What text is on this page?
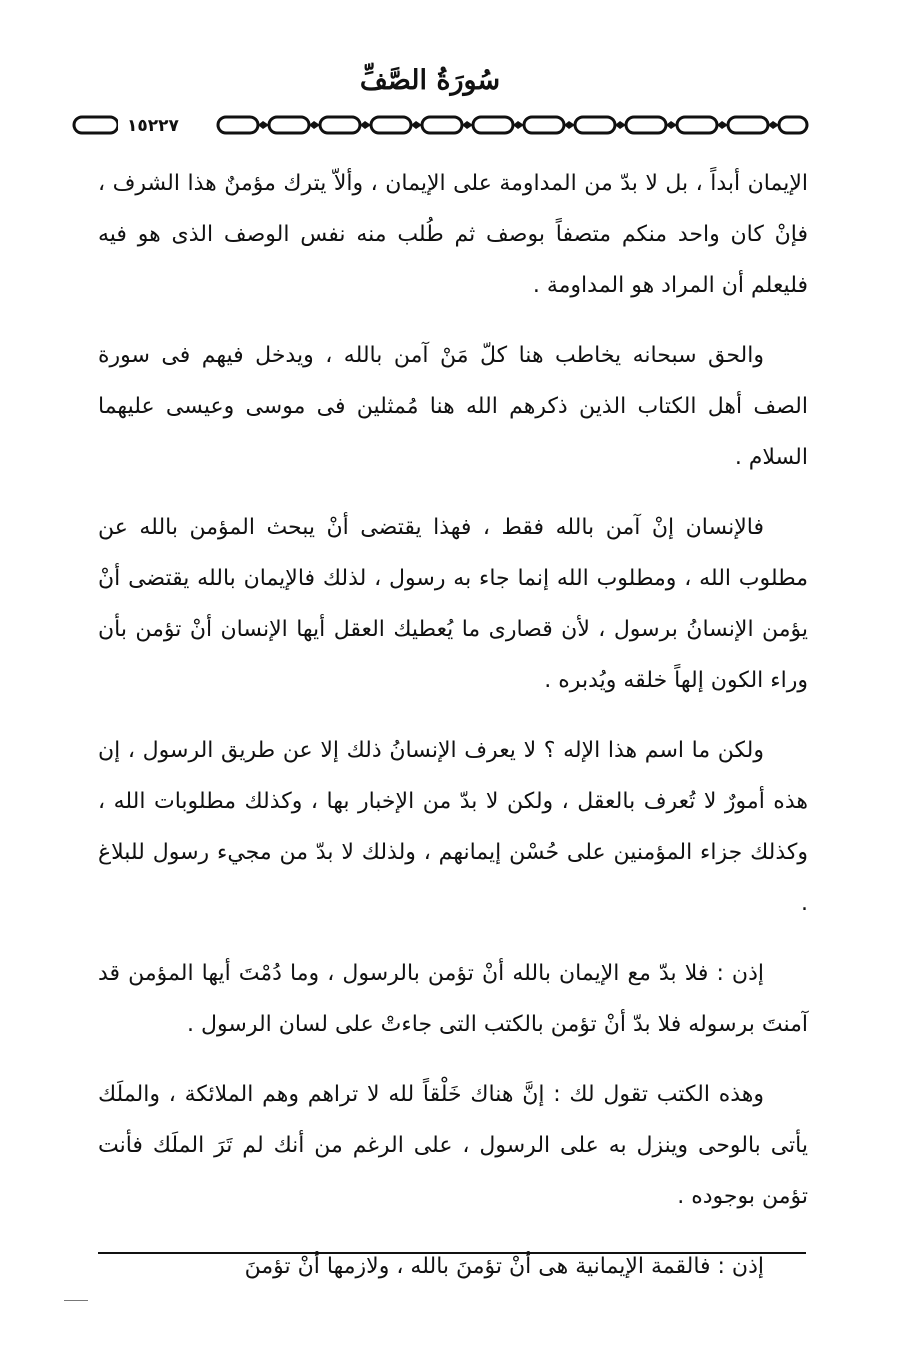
سُورَةُ الصَّفِّ
١٥٢٢٧

الإيمان أبداً ، بل لا بدّ من المداومة على الإيمان ، وألاّ يترك مؤمنٌ هذا الشرف ، فإنْ كان واحد منكم متصفاً بوصف ثم طُلب منه نفس الوصف الذى هو فيه فليعلم أن المراد هو المداومة .

والحق سبحانه يخاطب هنا كلّ مَنْ آمن بالله ، ويدخل فيهم فى سورة الصف أهل الكتاب الذين ذكرهم الله هنا مُمثلين فى موسى وعيسى عليهما السلام .

فالإنسان إنْ آمن بالله فقط ، فهذا يقتضى أنْ يبحث المؤمن بالله عن مطلوب الله ، ومطلوب الله إنما جاء به رسول ، لذلك فالإيمان بالله يقتضى أنْ يؤمن الإنسانُ برسول ، لأن قصارى ما يُعطيك العقل أيها الإنسان أنْ تؤمن بأن وراء الكون إلهاً خلقه ويُدبره .

ولكن ما اسم هذا الإله ؟ لا يعرف الإنسانُ ذلك إلا عن طريق الرسول ، إن هذه أمورٌ لا تُعرف بالعقل ، ولكن لا بدّ من الإخبار بها ، وكذلك مطلوبات الله ، وكذلك جزاء المؤمنين على حُسْن إيمانهم ، ولذلك لا بدّ من مجيء رسول للبلاغ .

إذن : فلا بدّ مع الإيمان بالله أنْ تؤمن بالرسول ، وما دُمْتَ أيها المؤمن قد آمنتَ برسوله فلا بدّ أنْ تؤمن بالكتب التى جاءتْ على لسان الرسول .

وهذه الكتب تقول لك : إنَّ هناك خَلْقاً لله لا تراهم وهم الملائكة ، والملَك يأتى بالوحى وينزل به على الرسول ، على الرغم من أنك لم تَرَ الملَك فأنت تؤمن بوجوده .

إذن : فالقمة الإيمانية هى أنْ تؤمنَ بالله ، ولازمها أنْ تؤمنَ
